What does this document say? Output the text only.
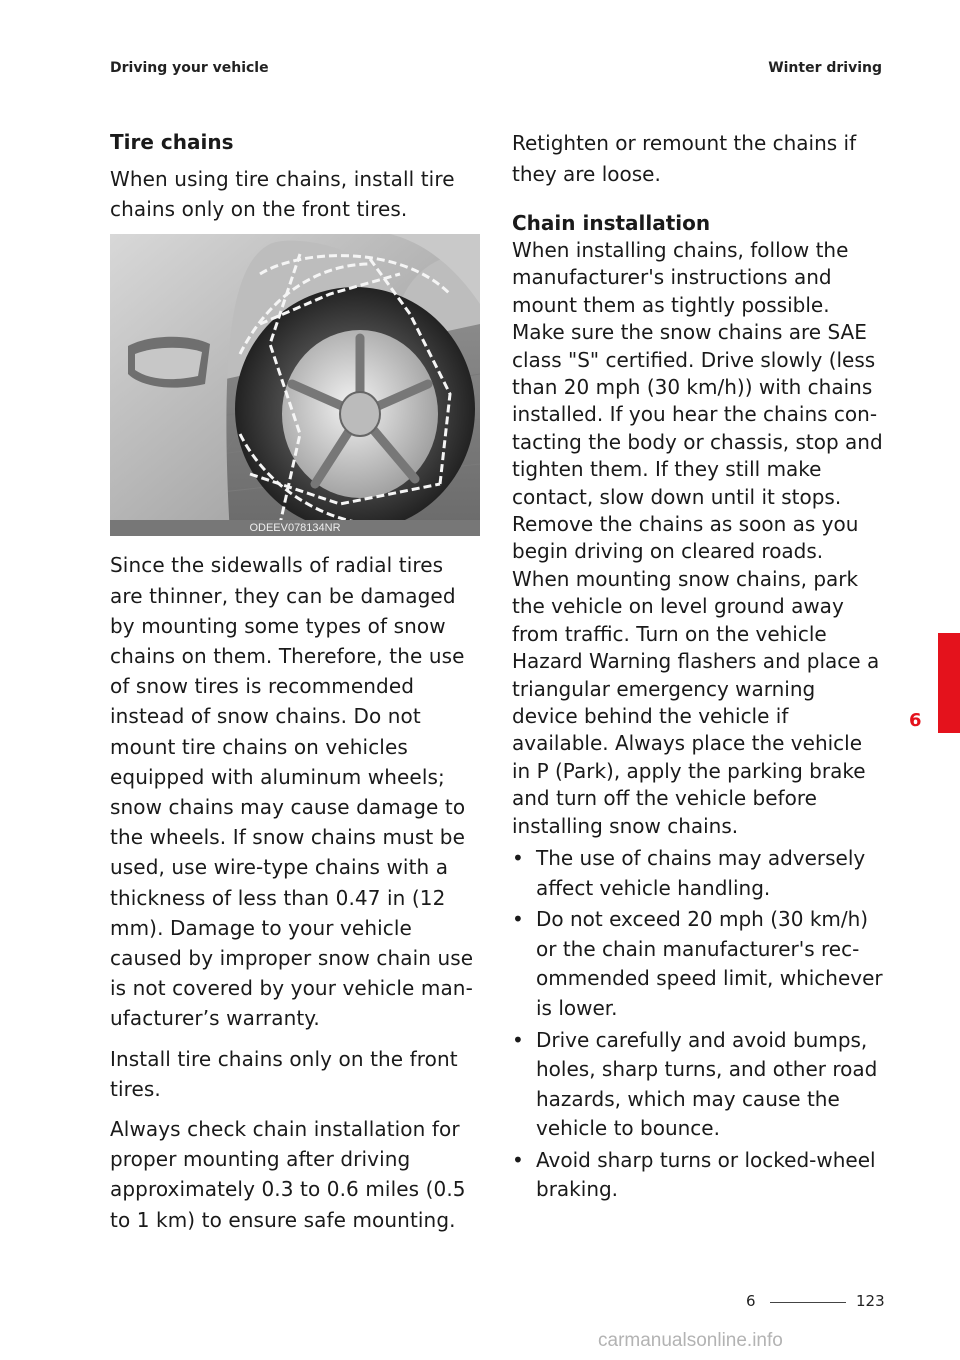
Driving your vehicle	Winter driving
Tire chains

When using tire chains, install tire chains only on the front tires.

ODEEV078134NR

Since the sidewalls of radial tires are thinner, they can be damaged by mounting some types of snow chains on them. Therefore, the use of snow tires is recommended instead of snow chains. Do not mount tire chains on vehicles equipped with aluminum wheels; snow chains may cause damage to the wheels. If snow chains must be used, use wire-type chains with a thickness of less than 0.47 in (12 mm). Damage to your vehicle caused by improper snow chain use is not covered by your vehicle man-ufacturer’s warranty.

Install tire chains only on the front tires.

Always check chain installation for proper mounting after driving approximately 0.3 to 0.6 miles (0.5 to 1 km) to ensure safe mounting.

Retighten or remount the chains if they are loose.

Chain installation

When installing chains, follow the manufacturer's instructions and mount them as tightly possible. Make sure the snow chains are SAE class "S" certified. Drive slowly (less than 20 mph (30 km/h)) with chains installed. If you hear the chains con-tacting the body or chassis, stop and tighten them. If they still make contact, slow down until it stops. Remove the chains as soon as you begin driving on cleared roads. When mounting snow chains, park the vehicle on level ground away from traffic. Turn on the vehicle Hazard Warning flashers and place a triangular emergency warning device behind the vehicle if available. Always place the vehicle in P (Park), apply the parking brake and turn off the vehicle before installing snow chains.

• The use of chains may adversely affect vehicle handling.
• Do not exceed 20 mph (30 km/h) or the chain manufacturer's rec-ommended speed limit, whichever is lower.
• Drive carefully and avoid bumps, holes, sharp turns, and other road hazards, which may cause the vehicle to bounce.
• Avoid sharp turns or locked-wheel braking.
6
6	123
carmanualsonline.info
